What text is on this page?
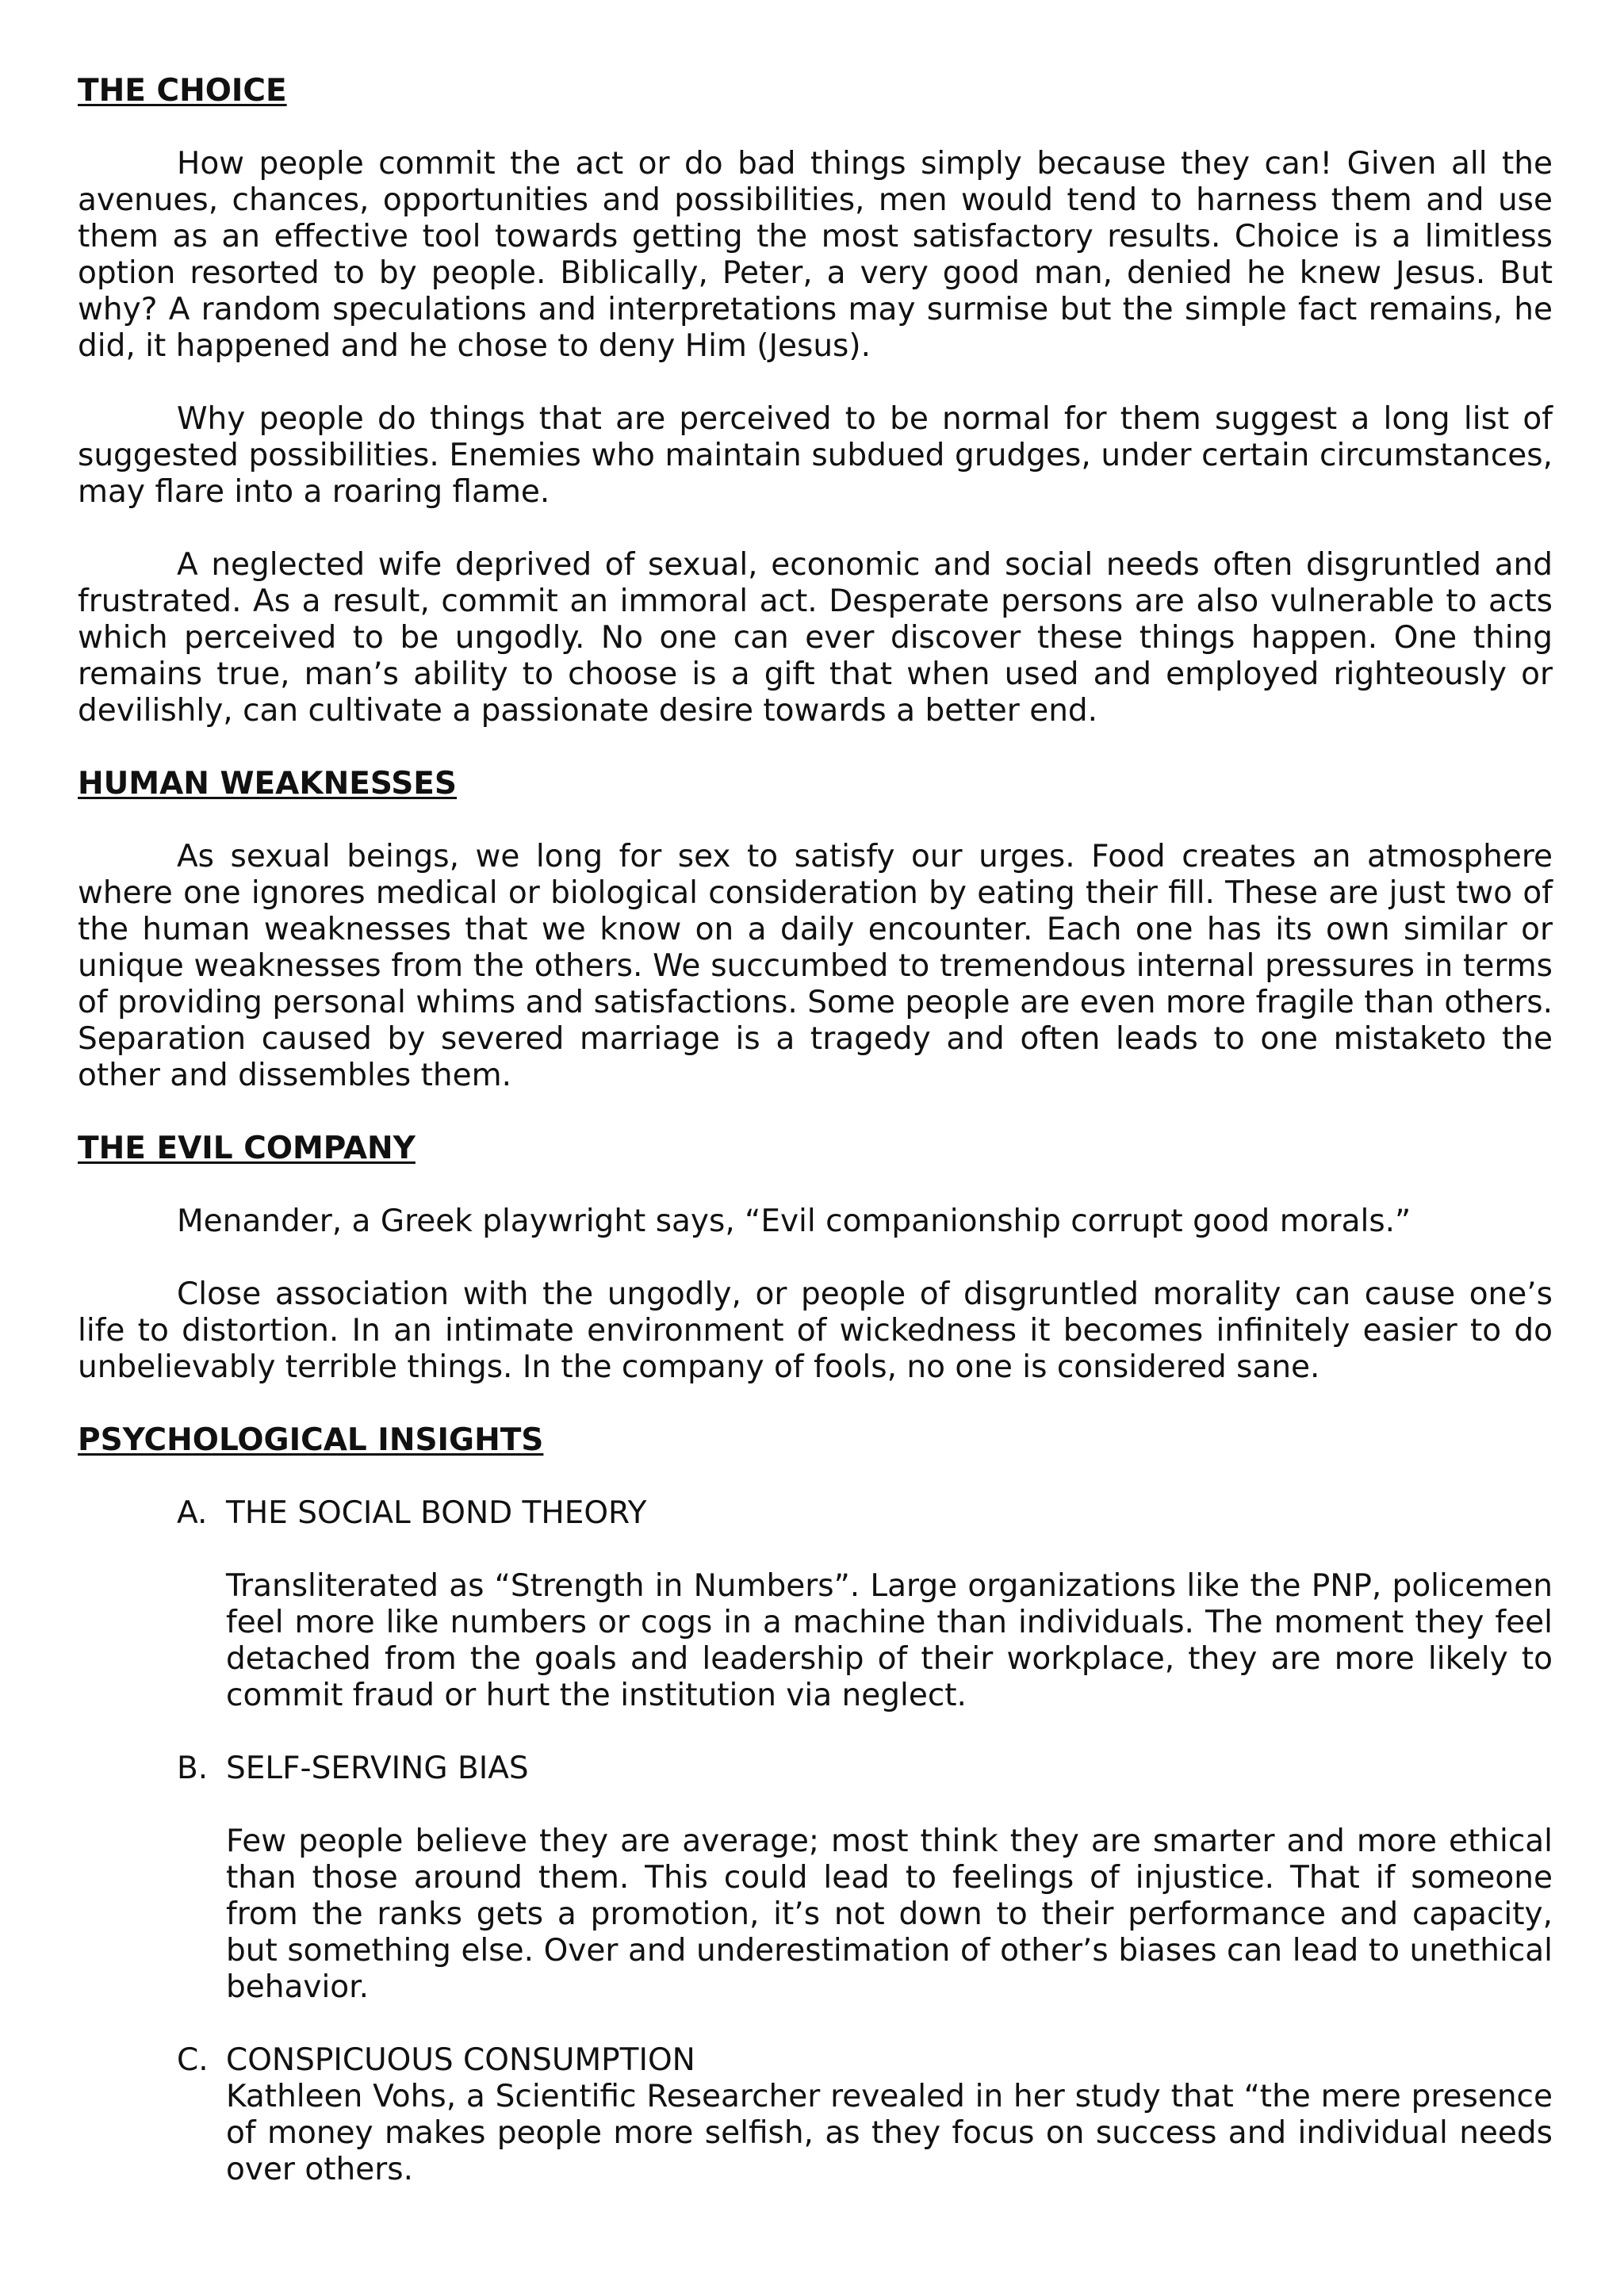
THE CHOICE

How people commit the act or do bad things simply because they can! Given all the avenues, chances, opportunities and possibilities, men would tend to harness them and use them as an effective tool towards getting the most satisfactory results. Choice is a limitless option resorted to by people. Biblically, Peter, a very good man, denied he knew Jesus. But why? A random speculations and interpretations may surmise but the simple fact remains, he did, it happened and he chose to deny Him (Jesus).

Why people do things that are perceived to be normal for them suggest a long list of suggested possibilities. Enemies who maintain subdued grudges, under certain circumstances, may flare into a roaring flame.

A neglected wife deprived of sexual, economic and social needs often disgruntled and frustrated. As a result, commit an immoral act. Desperate persons are also vulnerable to acts which perceived to be ungodly. No one can ever discover these things happen. One thing remains true, man’s ability to choose is a gift that when used and employed righteously or devilishly, can cultivate a passionate desire towards a better end.

HUMAN WEAKNESSES

As sexual beings, we long for sex to satisfy our urges. Food creates an atmosphere where one ignores medical or biological consideration by eating their fill. These are just two of the human weaknesses that we know on a daily encounter. Each one has its own similar or unique weaknesses from the others. We succumbed to tremendous internal pressures in terms of providing personal whims and satisfactions. Some people are even more fragile than others. Separation caused by severed marriage is a tragedy and often leads to one mistaketo the other and dissembles them.

THE EVIL COMPANY

Menander, a Greek playwright says, “Evil companionship corrupt good morals.”

Close association with the ungodly, or people of disgruntled morality can cause one’s life to distortion. In an intimate environment of wickedness it becomes infinitely easier to do unbelievably terrible things. In the company of fools, no one is considered sane.

PSYCHOLOGICAL INSIGHTS
A. THE SOCIAL BOND THEORY

Transliterated as “Strength in Numbers”. Large organizations like the PNP, policemen feel more like numbers or cogs in a machine than individuals. The moment they feel detached from the goals and leadership of their workplace, they are more likely to commit fraud or hurt the institution via neglect.

B. SELF-SERVING BIAS

Few people believe they are average; most think they are smarter and more ethical than those around them. This could lead to feelings of injustice. That if someone from the ranks gets a promotion, it’s not down to their performance and capacity, but something else. Over and underestimation of other’s biases can lead to unethical behavior.

C. CONSPICUOUS CONSUMPTION

Kathleen Vohs, a Scientific Researcher revealed in her study that “the mere presence of money makes people more selfish, as they focus on success and individual needs over others.
